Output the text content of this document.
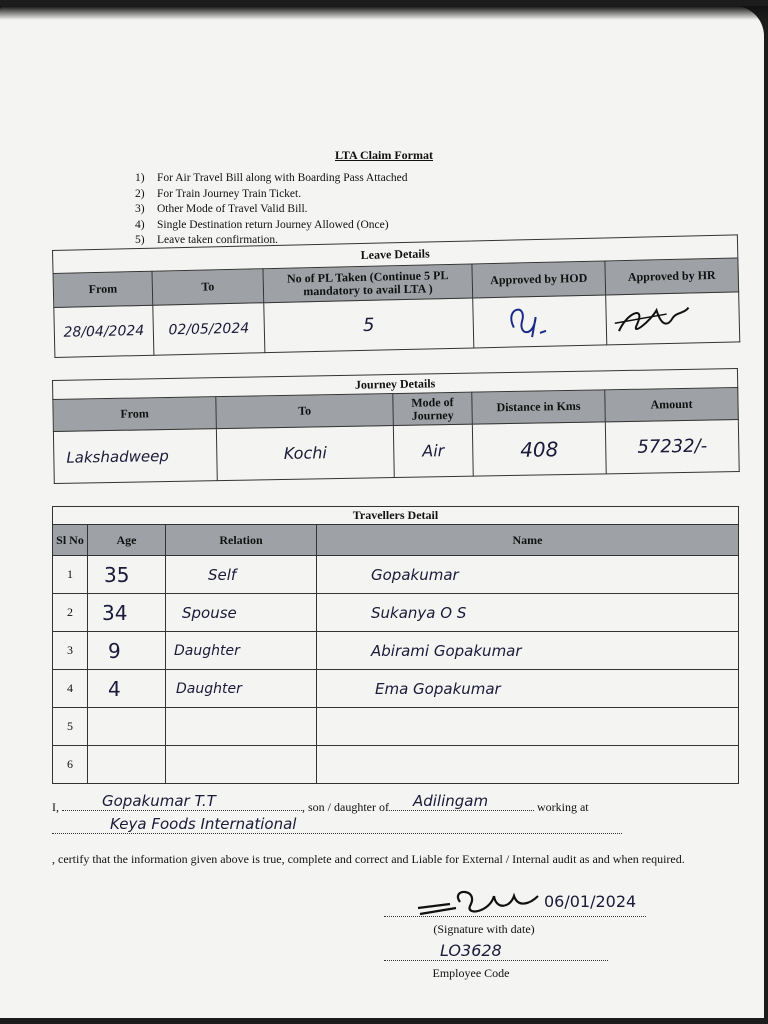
LTA Claim Format
1)	For Air Travel Bill along with Boarding Pass Attached
2)	For Train Journey Train Ticket.
3)	Other Mode of Travel Valid Bill.
4)	Single Destination return Journey Allowed (Once)
5)	Leave taken confirmation.
Leave Details				
From	To	No of PL Taken (Continue 5 PL mandatory to avail LTA )	Approved by HOD	Approved by HR
28/04/2024	02/05/2024	5		
Journey Details				
From	To	Mode of Journey	Distance in Kms	Amount
Lakshadweep	Kochi	Air	408	57232/-
Travellers Detail			
Sl No	Age	Relation	Name
1	35	Self	Gopakumar
2	34	Spouse	Sukanya O S
3	9	Daughter	Abirami Gopakumar
4	4	Daughter	Ema Gopakumar
5			
6			
I,	Gopakumar T.T	, son / daughter of Adilingam	working at
Keya Foods International
, certify that the information given above is true, complete and correct and Liable for External / Internal audit as and when required.
06/01/2024
(Signature with date)
LO3628
Employee Code
